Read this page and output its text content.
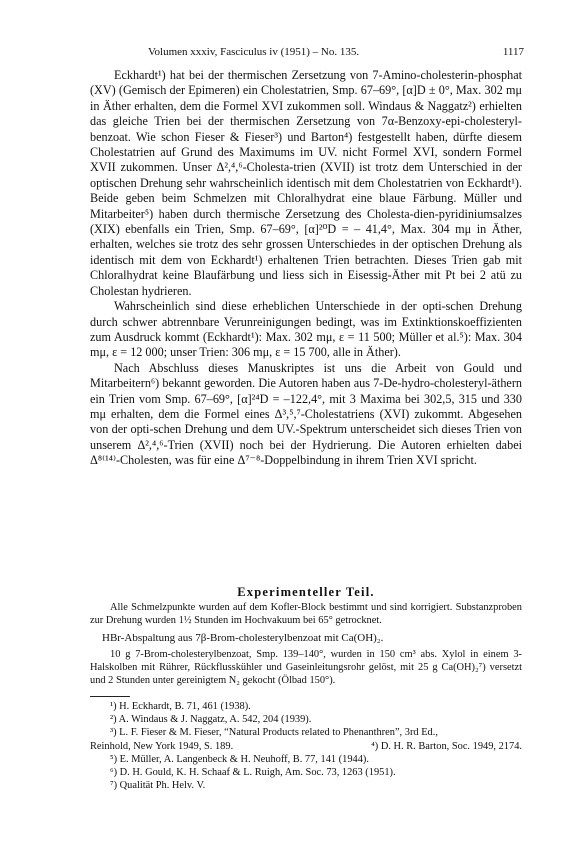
Volumen xxxiv, Fasciculus iv (1951) – No. 135.	1117

Eckhardt¹) hat bei der thermischen Zersetzung von 7-Amino-cholesterin-phosphat (XV) (Gemisch der Epimeren) ein Cholestatrien, Smp. 67–69°, [α]D ± 0°, Max. 302 mμ in Äther erhalten, dem die Formel XVI zukommen soll. Windaus & Naggatz²) erhielten das gleiche Trien bei der thermischen Zersetzung von 7α-Benzoxy-epi-cholesteryl-benzoat. Wie schon Fieser & Fieser³) und Barton⁴) festgestellt haben, dürfte diesem Cholestatrien auf Grund des Maximums im UV. nicht Formel XVI, sondern Formel XVII zukommen. Unser Δ²,⁴,⁶-Cholesta-trien (XVII) ist trotz dem Unterschied in der optischen Drehung sehr wahrscheinlich identisch mit dem Cholestatrien von Eckhardt¹). Beide geben beim Schmelzen mit Chloralhydrat eine blaue Färbung. Müller und Mitarbeiter⁵) haben durch thermische Zersetzung des Cholesta-dien-pyridiniumsalzes (XIX) ebenfalls ein Trien, Smp. 67–69°, [α]²⁰D = – 41,4°, Max. 304 mμ in Äther, erhalten, welches sie trotz des sehr grossen Unterschiedes in der optischen Drehung als identisch mit dem von Eckhardt¹) erhaltenen Trien betrachten. Dieses Trien gab mit Chloralhydrat keine Blaufärbung und liess sich in Eisessig-Äther mit Pt bei 2 atü zu Cholestan hydrieren.

Wahrscheinlich sind diese erheblichen Unterschiede in der opti-schen Drehung durch schwer abtrennbare Verunreinigungen bedingt, was im Extinktionskoeffizienten zum Ausdruck kommt (Eckhardt¹): Max. 302 mμ, ε = 11 500; Müller et al.⁵): Max. 304 mμ, ε = 12 000; unser Trien: 306 mμ, ε = 15 700, alle in Äther).

Nach Abschluss dieses Manuskriptes ist uns die Arbeit von Gould und Mitarbeitern⁶) bekannt geworden. Die Autoren haben aus 7-De-hydro-cholesteryl-äthern ein Trien vom Smp. 67–69°, [α]²⁴D = –122,4°, mit 3 Maxima bei 302,5, 315 und 330 mμ erhalten, dem die Formel eines Δ³,⁵,⁷-Cholestatriens (XVI) zukommt. Abgesehen von der opti-schen Drehung und dem UV.-Spektrum unterscheidet sich dieses Trien von unserem Δ²,⁴,⁶-Trien (XVII) noch bei der Hydrierung. Die Autoren erhielten dabei Δ⁸⁽¹⁴⁾-Cholesten, was für eine Δ⁷⁻⁸-Doppelbindung in ihrem Trien XVI spricht.

Experimenteller Teil.

Alle Schmelzpunkte wurden auf dem Kofler-Block bestimmt und sind korrigiert. Substanzproben zur Drehung wurden 1½ Stunden im Hochvakuum bei 65° getrocknet.

HBr-Abspaltung aus 7β-Brom-cholesterylbenzoat mit Ca(OH)₂.

10 g 7-Brom-cholesterylbenzoat, Smp. 139–140°, wurden in 150 cm³ abs. Xylol in einem 3-Halskolben mit Rührer, Rückflusskühler und Gaseinleitungsrohr gelöst, mit 25 g Ca(OH)₂⁷) versetzt und 2 Stunden unter gereinigtem N₂ gekocht (Ölbad 150°).

¹) H. Eckhardt, B. 71, 461 (1938).

²) A. Windaus & J. Naggatz, A. 542, 204 (1939).

³) L. F. Fieser & M. Fieser, “Natural Products related to Phenanthren”, 3rd Ed.,

Reinhold, New York 1949, S. 189.	⁴) D. H. R. Barton, Soc. 1949, 2174.

⁵) E. Müller, A. Langenbeck & H. Neuhoff, B. 77, 141 (1944).

⁶) D. H. Gould, K. H. Schaaf & L. Ruigh, Am. Soc. 73, 1263 (1951).

⁷) Qualität Ph. Helv. V.
